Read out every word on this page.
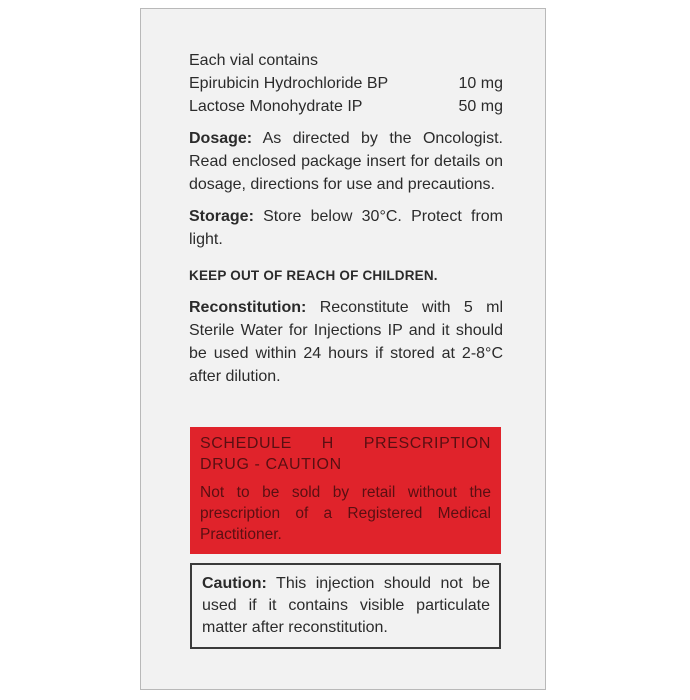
Each vial contains
Epirubicin Hydrochloride BP	10 mg
Lactose Monohydrate IP	50 mg
Dosage: As directed by the Oncologist. Read enclosed package insert for details on dosage, directions for use and precautions.
Storage: Store below 30°C. Protect from light.
KEEP OUT OF REACH OF CHILDREN.
Reconstitution: Reconstitute with 5 ml Sterile Water for Injections IP and it should be used within 24 hours if stored at 2-8°C after dilution.
SCHEDULE H PRESCRIPTION DRUG - CAUTION
Not to be sold by retail without the prescription of a Registered Medical Practitioner.
Caution: This injection should not be used if it contains visible particulate matter after reconstitution.
